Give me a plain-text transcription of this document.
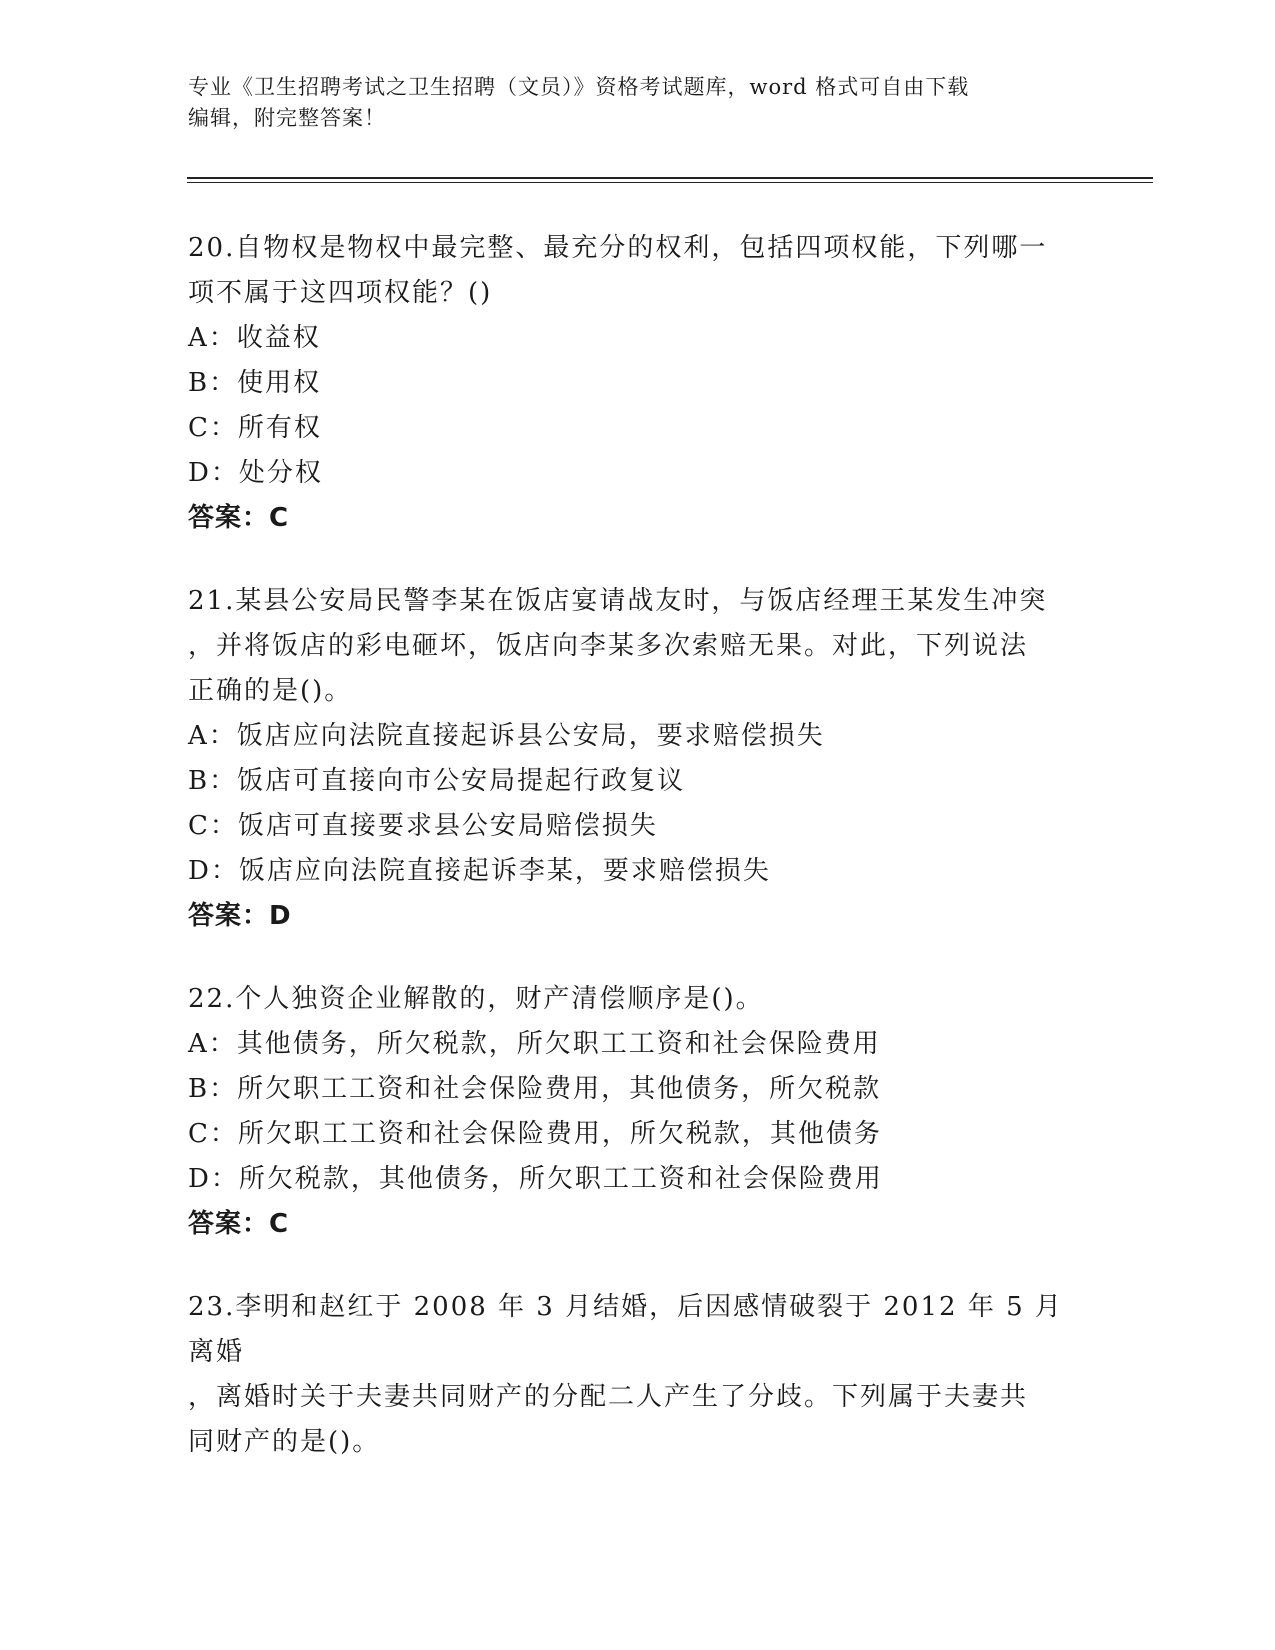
专业《卫生招聘考试之卫生招聘（文员）》资格考试题库，word 格式可自由下载
编辑，附完整答案！
20.自物权是物权中最完整、最充分的权利，包括四项权能，下列哪一
项不属于这四项权能？()
A：收益权
B：使用权
C：所有权
D：处分权
答案：C
21.某县公安局民警李某在饭店宴请战友时，与饭店经理王某发生冲突
，并将饭店的彩电砸坏，饭店向李某多次索赔无果。对此，下列说法
正确的是()。
A：饭店应向法院直接起诉县公安局，要求赔偿损失
B：饭店可直接向市公安局提起行政复议
C：饭店可直接要求县公安局赔偿损失
D：饭店应向法院直接起诉李某，要求赔偿损失
答案：D
22.个人独资企业解散的，财产清偿顺序是()。
A：其他债务，所欠税款，所欠职工工资和社会保险费用
B：所欠职工工资和社会保险费用，其他债务，所欠税款
C：所欠职工工资和社会保险费用，所欠税款，其他债务
D：所欠税款，其他债务，所欠职工工资和社会保险费用
答案：C
23.李明和赵红于 2008 年 3 月结婚，后因感情破裂于 2012 年 5 月离婚
，离婚时关于夫妻共同财产的分配二人产生了分歧。下列属于夫妻共
同财产的是()。
